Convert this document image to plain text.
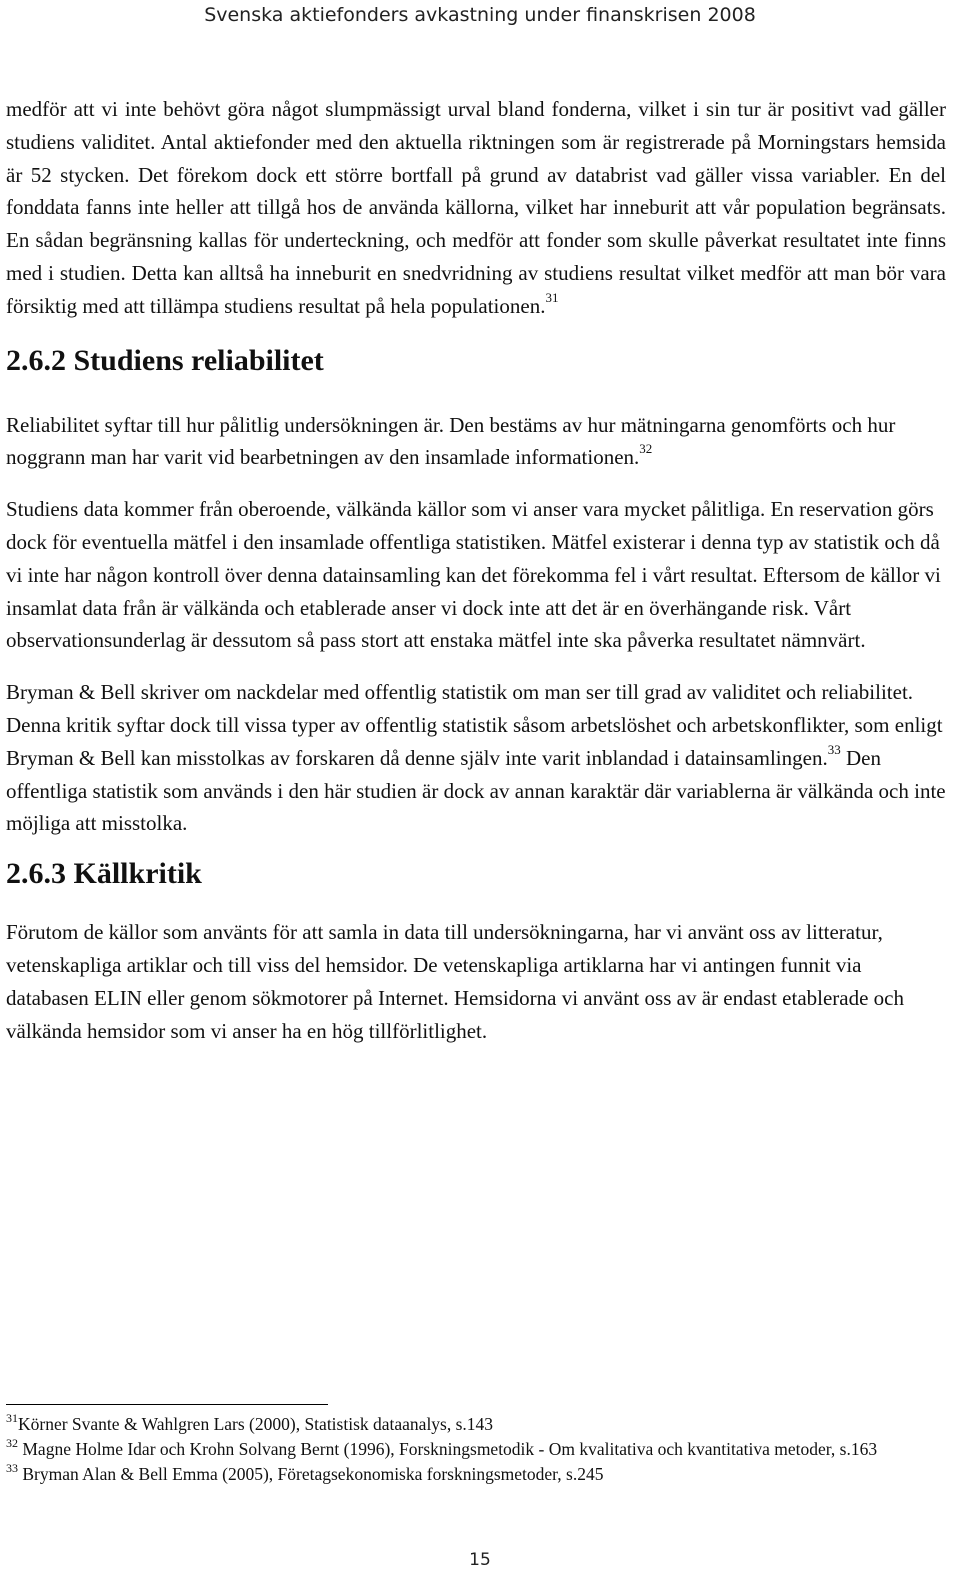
Svenska aktiefonders avkastning under finanskrisen 2008

medför att vi inte behövt göra något slumpmässigt urval bland fonderna, vilket i sin tur är positivt vad gäller studiens validitet. Antal aktiefonder med den aktuella riktningen som är registrerade på Morningstars hemsida är 52 stycken. Det förekom dock ett större bortfall på grund av databrist vad gäller vissa variabler. En del fonddata fanns inte heller att tillgå hos de använda källorna, vilket har inneburit att vår population begränsats. En sådan begränsning kallas för underteckning, och medför att fonder som skulle påverkat resultatet inte finns med i studien. Detta kan alltså ha inneburit en snedvridning av studiens resultat vilket medför att man bör vara försiktig med att tillämpa studiens resultat på hela populationen.$^{31}$

2.6.2 Studiens reliabilitet

Reliabilitet syftar till hur pålitlig undersökningen är. Den bestäms av hur mätningarna genomförts och hur noggrann man har varit vid bearbetningen av den insamlade informationen.$^{32}$

Studiens data kommer från oberoende, välkända källor som vi anser vara mycket pålitliga. En reservation görs dock för eventuella mätfel i den insamlade offentliga statistiken. Mätfel existerar i denna typ av statistik och då vi inte har någon kontroll över denna datainsamling kan det förekomma fel i vårt resultat. Eftersom de källor vi insamlat data från är välkända och etablerade anser vi dock inte att det är en överhängande risk. Vårt observationsunderlag är dessutom så pass stort att enstaka mätfel inte ska påverka resultatet nämnvärt.

Bryman & Bell skriver om nackdelar med offentlig statistik om man ser till grad av validitet och reliabilitet. Denna kritik syftar dock till vissa typer av offentlig statistik såsom arbetslöshet och arbetskonflikter, som enligt Bryman & Bell kan misstolkas av forskaren då denne själv inte varit inblandad i datainsamlingen.$^{33}$ Den offentliga statistik som används i den här studien är dock av annan karaktär där variablerna är välkända och inte möjliga att misstolka.

2.6.3 Källkritik

Förutom de källor som använts för att samla in data till undersökningarna, har vi använt oss av litteratur, vetenskapliga artiklar och till viss del hemsidor. De vetenskapliga artiklarna har vi antingen funnit via databasen ELIN eller genom sökmotorer på Internet. Hemsidorna vi använt oss av är endast etablerade och välkända hemsidor som vi anser ha en hög tillförlitlighet.

$^{31}$Körner Svante & Wahlgren Lars (2000), Statistisk dataanalys, s.143

$^{32}$ Magne Holme Idar och Krohn Solvang Bernt (1996), Forskningsmetodik - Om kvalitativa och kvantitativa metoder, s.163

$^{33}$ Bryman Alan & Bell Emma (2005), Företagsekonomiska forskningsmetoder, s.245

15
